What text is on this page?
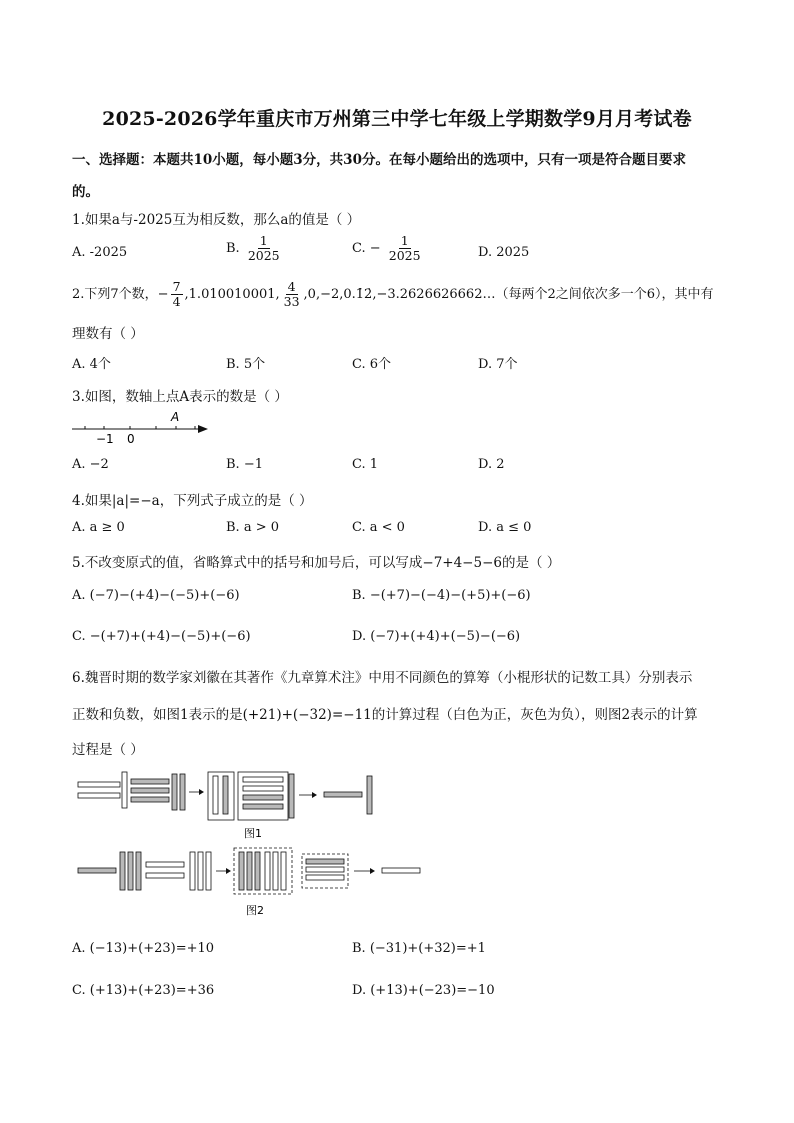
2025-2026学年重庆市万州第三中学七年级上学期数学9月月考试卷
一、选择题：本题共10小题，每小题3分，共30分。在每小题给出的选项中，只有一项是符合题目要求
的。
1.如果a与-2025互为相反数，那么a的值是（ ）
A. -2025	B. $\frac{1}{2025}$	C. − $\frac{1}{2025}$	D. 2025
2.下列7个数，− $\frac{7}{4} ,1.010010001$, $\frac{4}{33}$ ,0,−2,0.1̇2̇,−3.2626626662…（每两个2之间依次多一个6），其中有
理数有（ ）
A. 4个	B. 5个	C. 6个	D. 7个
3.如图，数轴上点A表示的数是（ ）
−1 0
A
A. −2	B. −1	C. 1	D. 2
4.如果|a|=−a，下列式子成立的是（ ）
A. a ≥ 0	B. a > 0	C. a < 0	D. a ≤ 0
5.不改变原式的值，省略算式中的括号和加号后，可以写成−7+4−5−6的是（ ）
A. (−7)−(+4)−(−5)+(−6)	B. −(+7)−(−4)−(+5)+(−6)
C. −(+7)+(+4)−(−5)+(−6)	D. (−7)+(+4)+(−5)−(−6)
6.魏晋时期的数学家刘徽在其著作《九章算术注》中用不同颜色的算筹（小棍形状的记数工具）分别表示
正数和负数，如图1表示的是(+21)+(−32)=−11的计算过程（白色为正，灰色为负），则图2表示的计算
过程是（ ）
图1
图2
A. (−13)+(+23)=+10	B. (−31)+(+32)=+1
C. (+13)+(+23)=+36	D. (+13)+(−23)=−10
